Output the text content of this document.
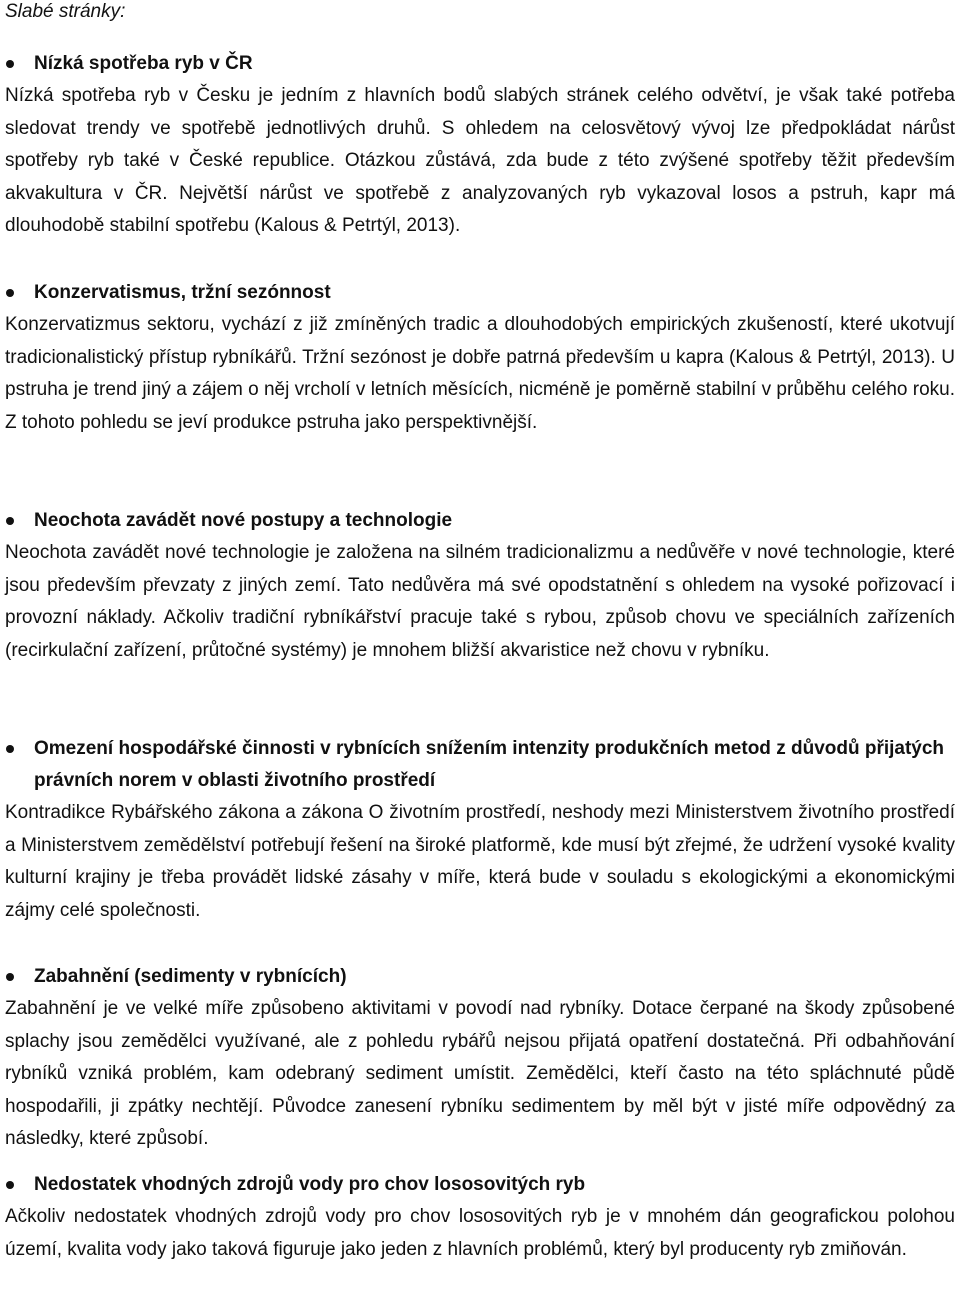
Slabé stránky:

Nízká spotřeba ryb v ČR

Nízká spotřeba ryb v Česku je jedním z hlavních bodů slabých stránek celého odvětví, je však také potřeba sledovat trendy ve spotřebě jednotlivých druhů. S ohledem na celosvětový vývoj lze předpokládat nárůst spotřeby ryb také v České republice. Otázkou zůstává, zda bude z této zvýšené spotřeby těžit především akvakultura v ČR. Největší nárůst ve spotřebě z analyzovaných ryb vykazoval losos a pstruh, kapr má dlouhodobě stabilní spotřebu (Kalous & Petrtýl, 2013).

Konzervatismus, tržní sezónnost

Konzervatizmus sektoru, vychází z již zmíněných tradic a dlouhodobých empirických zkušeností, které ukotvují tradicionalistický přístup rybníkářů. Tržní sezónost je dobře patrná především u kapra (Kalous & Petrtýl, 2013). U pstruha je trend jiný a zájem o něj vrcholí v letních měsících, nicméně je poměrně stabilní v průběhu celého roku. Z tohoto pohledu se jeví produkce pstruha jako perspektivnější.

Neochota zavádět nové postupy a technologie

Neochota zavádět nové technologie je založena na silném tradicionalizmu a nedůvěře v nové technologie, které jsou především převzaty z jiných zemí. Tato nedůvěra má své opodstatnění s ohledem na vysoké pořizovací i provozní náklady. Ačkoliv tradiční rybníkářství pracuje také s rybou, způsob chovu ve speciálních zařízeních (recirkulační zařízení, průtočné systémy) je mnohem bližší akvaristice než chovu v rybníku.

Omezení hospodářské činnosti v rybnících snížením intenzity produkčních metod z důvodů přijatých právních norem v oblasti životního prostředí

Kontradikce Rybářského zákona a zákona O životním prostředí, neshody mezi Ministerstvem životního prostředí a Ministerstvem zemědělství potřebují řešení na široké platformě, kde musí být zřejmé, že udržení vysoké kvality kulturní krajiny je třeba provádět lidské zásahy v míře, která bude v souladu s ekologickými a ekonomickými zájmy celé společnosti.

Zabahnění (sedimenty v rybnících)

Zabahnění je ve velké míře způsobeno aktivitami v povodí nad rybníky. Dotace čerpané na škody způsobené splachy jsou zemědělci využívané, ale z pohledu rybářů nejsou přijatá opatření dostatečná. Při odbahňování rybníků vzniká problém, kam odebraný sediment umístit. Zemědělci, kteří často na této spláchnuté půdě hospodařili, ji zpátky nechtějí. Původce zanesení rybníku sedimentem by měl být v jisté míře odpovědný za následky, které způsobí.

Nedostatek vhodných zdrojů vody pro chov lososovitých ryb

Ačkoliv nedostatek vhodných zdrojů vody pro chov lososovitých ryb je v mnohém dán geografickou polohou území, kvalita vody jako taková figuruje jako jeden z hlavních problémů, který byl producenty ryb zmiňován.
